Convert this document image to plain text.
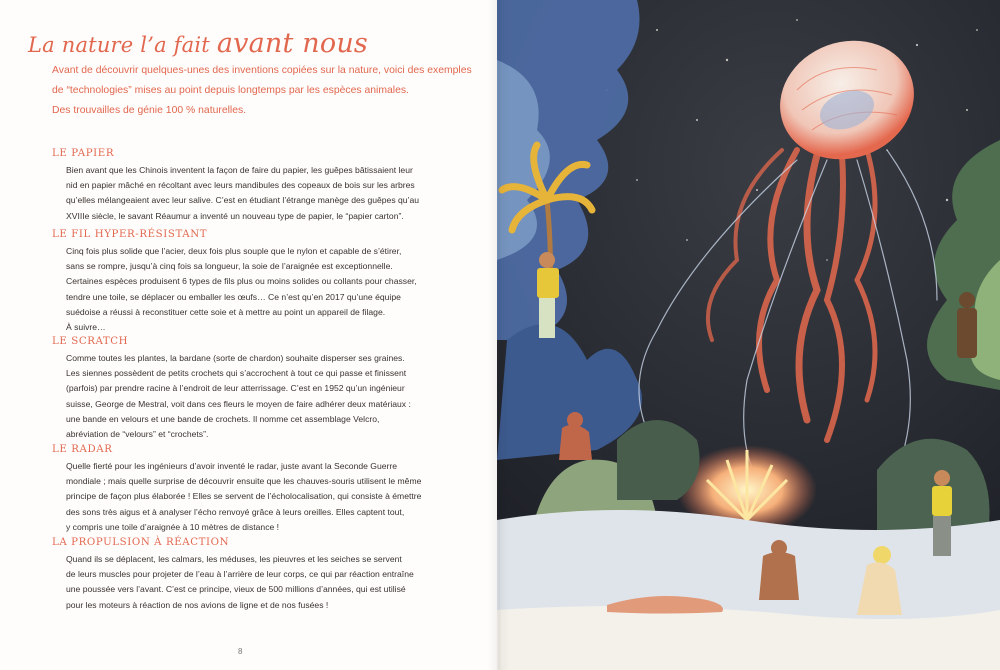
La nature l’a fait avant nous

Avant de découvrir quelques-unes des inventions copiées sur la nature, voici des exemples

de “technologies” mises au point depuis longtemps par les espèces animales.

Des trouvailles de génie 100 % naturelles.

LE PAPIER
Bien avant que les Chinois inventent la façon de faire du papier, les guêpes bâtissaient leur
nid en papier mâché en récoltant avec leurs mandibules des copeaux de bois sur les arbres
qu’elles mélangeaient avec leur salive. C’est en étudiant l’étrange manège des guêpes qu’au
XVIIIe siècle, le savant Réaumur a inventé un nouveau type de papier, le “papier carton”.
LE FIL HYPER-RÉSISTANT
Cinq fois plus solide que l’acier, deux fois plus souple que le nylon et capable de s’étirer,
sans se rompre, jusqu’à cinq fois sa longueur, la soie de l’araignée est exceptionnelle.
Certaines espèces produisent 6 types de fils plus ou moins solides ou collants pour chasser,
tendre une toile, se déplacer ou emballer les œufs… Ce n’est qu’en 2017 qu’une équipe
suédoise a réussi à reconstituer cette soie et à mettre au point un appareil de filage.
À suivre…
LE SCRATCH
Comme toutes les plantes, la bardane (sorte de chardon) souhaite disperser ses graines.
Les siennes possèdent de petits crochets qui s’accrochent à tout ce qui passe et finissent
(parfois) par prendre racine à l’endroit de leur atterrissage. C’est en 1952 qu’un ingénieur
suisse, George de Mestral, voit dans ces fleurs le moyen de faire adhérer deux matériaux :
une bande en velours et une bande de crochets. Il nomme cet assemblage Velcro,
abréviation de “velours” et “crochets”.
LE RADAR
Quelle fierté pour les ingénieurs d’avoir inventé le radar, juste avant la Seconde Guerre
mondiale ; mais quelle surprise de découvrir ensuite que les chauves-souris utilisent le même
principe de façon plus élaborée ! Elles se servent de l’écholocalisation, qui consiste à émettre
des sons très aigus et à analyser l’écho renvoyé grâce à leurs oreilles. Elles captent tout,
y compris une toile d’araignée à 10 mètres de distance !
LA PROPULSION À RÉACTION
Quand ils se déplacent, les calmars, les méduses, les pieuvres et les seiches se servent
de leurs muscles pour projeter de l’eau à l’arrière de leur corps, ce qui par réaction entraîne
une poussée vers l’avant. C’est ce principe, vieux de 500 millions d’années, qui est utilisé
pour les moteurs à réaction de nos avions de ligne et de nos fusées !
8
